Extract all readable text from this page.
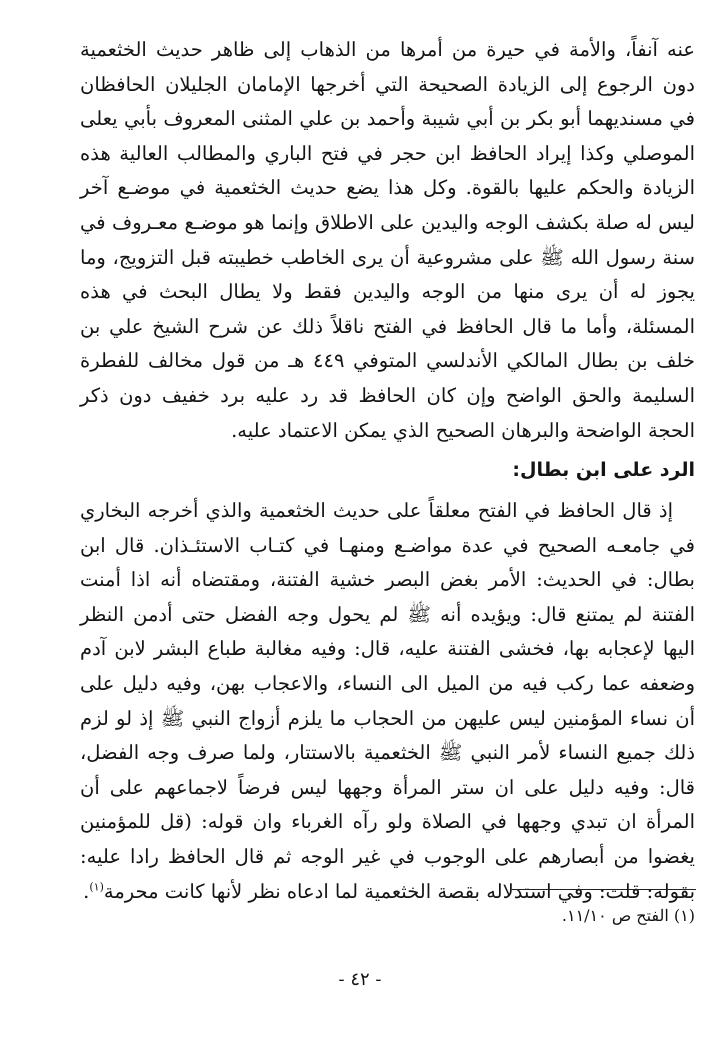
عنه آنفاً، والأمة في حيرة من أمرها من الذهاب إلى ظاهر حديث الخثعمية دون الرجوع إلى الزيادة الصحيحة التي أخرجها الإمامان الجليلان الحافظان في مسنديهما أبو بكر بن أبي شيبة وأحمد بن علي المثنى المعروف بأبي يعلى الموصلي وكذا إيراد الحافظ ابن حجر في فتح الباري والمطالب العالية هذه الزيادة والحكم عليها بالقوة. وكل هذا يضع حديث الخثعمية في موضـع آخر ليس له صلة بكشف الوجه واليدين على الاطلاق وإنما هو موضـع معـروف في سنة رسول الله ﷺ على مشروعية أن يرى الخاطب خطيبته قبل التزويج، وما يجوز له أن يرى منها من الوجه واليدين فقط ولا يطال البحث في هذه المسئلة، وأما ما قال الحافظ في الفتح ناقلاً ذلك عن شرح الشيخ علي بن خلف بن بطال المالكي الأندلسي المتوفي ٤٤٩ هـ من قول مخالف للفطرة السليمة والحق الواضح وإن كان الحافظ قد رد عليه برد خفيف دون ذكر الحجة الواضحة والبرهان الصحيح الذي يمكن الاعتماد عليه.
الرد على ابن بطال:
إذ قال الحافظ في الفتح معلقاً على حديث الخثعمية والذي أخرجه البخاري في جامعـه الصحيح في عدة مواضـع ومنهـا في كتـاب الاستئـذان. قال ابن بطال: في الحديث: الأمر بغض البصر خشية الفتنة، ومقتضاه أنه اذا أمنت الفتنة لم يمتنع قال: ويؤيده أنه ﷺ لم يحول وجه الفضل حتى أدمن النظر اليها لإعجابه بها، فخشى الفتنة عليه، قال: وفيه مغالبة طباع البشر لابن آدم وضعفه عما ركب فيه من الميل الى النساء، والاعجاب بهن، وفيه دليل على أن نساء المؤمنين ليس عليهن من الحجاب ما يلزم أزواج النبي ﷺ إذ لو لزم ذلك جميع النساء لأمر النبي ﷺ الخثعمية بالاستتار، ولما صرف وجه الفضل، قال: وفيه دليل على ان ستر المرأة وجهها ليس فرضاً لاجماعهم على أن المرأة ان تبدي وجهها في الصلاة ولو رآه الغرباء وان قوله: (قل للمؤمنين يغضوا من أبصارهم على الوجوب في غير الوجه ثم قال الحافظ رادا عليه: بقوله: قلت: وفي استدلاله بقصة الخثعمية لما ادعاه نظر لأنها كانت محرمة$^{(١)}$.
(١) الفتح ص ١١/١٠.
- ٤٢ -
